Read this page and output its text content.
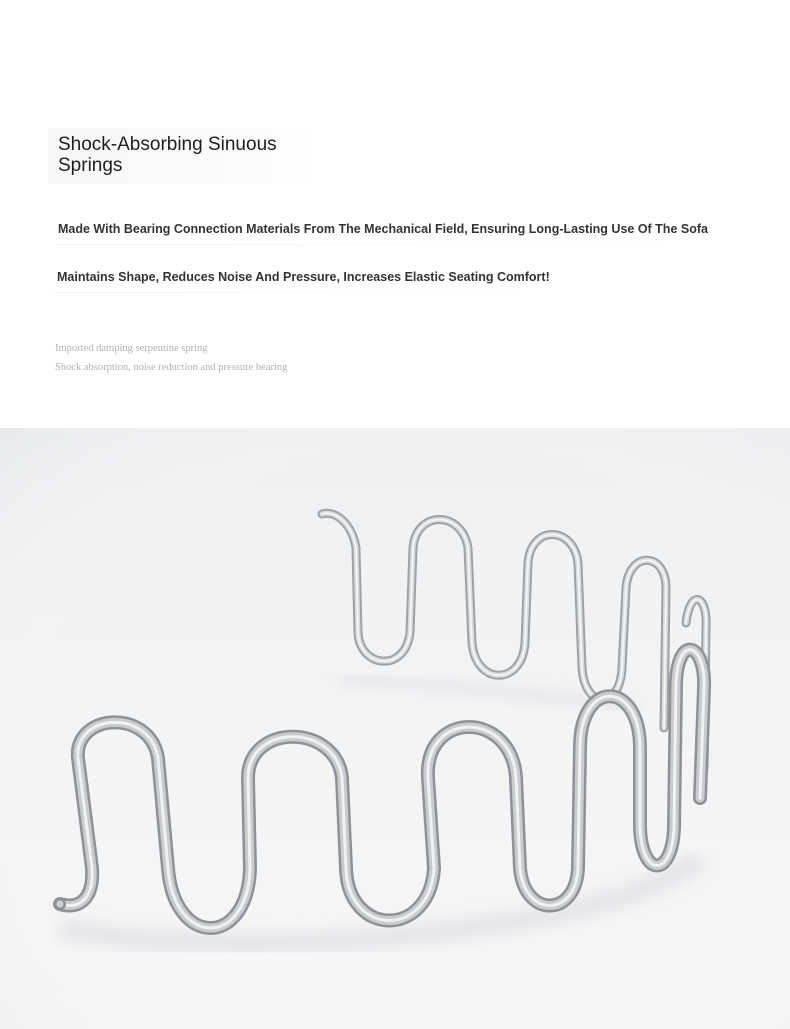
Shock-Absorbing Sinuous Springs

Made With Bearing Connection Materials From The Mechanical Field, Ensuring Long-Lasting Use Of The Sofa

Maintains Shape, Reduces Noise And Pressure, Increases Elastic Seating Comfort!

Imported damping serpentine spring

Shock absorption, noise reduction and pressure bearing
